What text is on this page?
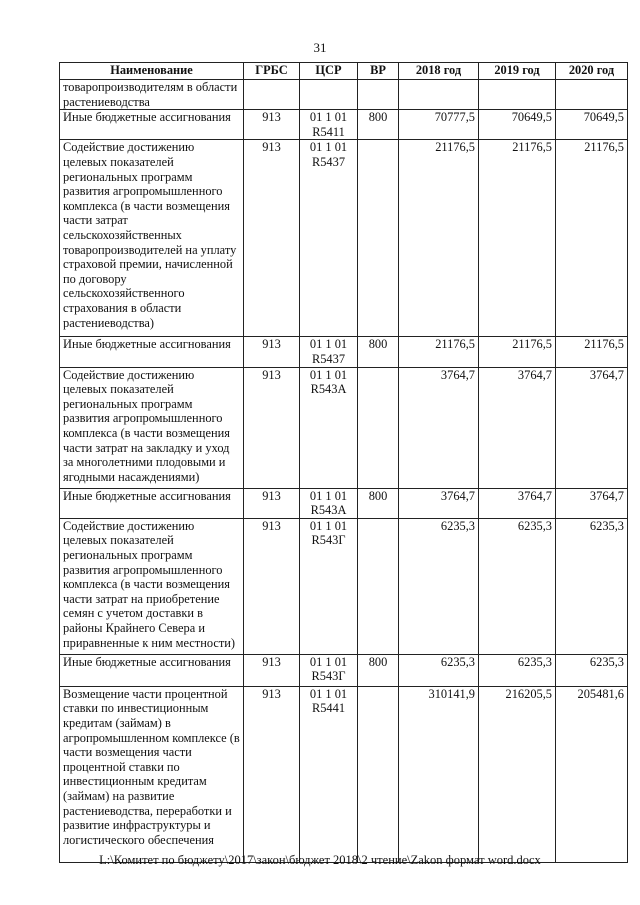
31
Наименование	ГРБС	ЦСР	ВР	2018 год	2019 год	2020 год
товаропроизводителям в области растениеводства						
Иные бюджетные ассигнования	913	01 1 01 R5411	800	70777,5	70649,5	70649,5
Содействие достижению целевых показателей региональных программ развития агропромышленного комплекса (в части возмещения части затрат сельскохозяйственных товаропроизводителей на уплату страховой премии, начисленной по договору сельскохозяйственного страхования в области растениеводства)	913	01 1 01 R5437		21176,5	21176,5	21176,5
Иные бюджетные ассигнования	913	01 1 01 R5437	800	21176,5	21176,5	21176,5
Содействие достижению целевых показателей региональных программ развития агропромышленного комплекса (в части возмещения части затрат на закладку и уход за многолетними плодовыми и ягодными насаждениями)	913	01 1 01 R543A		3764,7	3764,7	3764,7
Иные бюджетные ассигнования	913	01 1 01 R543A	800	3764,7	3764,7	3764,7
Содействие достижению целевых показателей региональных программ развития агропромышленного комплекса (в части возмещения части затрат на приобретение семян с учетом доставки в районы Крайнего Севера и приравненные к ним местности)	913	01 1 01 R543Г		6235,3	6235,3	6235,3
Иные бюджетные ассигнования	913	01 1 01 R543Г	800	6235,3	6235,3	6235,3
Возмещение части процентной ставки по инвестиционным кредитам (займам) в агропромышленном комплексе (в части возмещения части процентной ставки по инвестиционным кредитам (займам) на развитие растениеводства, переработки и развитие инфраструктуры и логистического обеспечения	913	01 1 01 R5441		310141,9	216205,5	205481,6
L:\Комитет по бюджету\2017\закон\бюджет 2018\2 чтение\Zakon формат word.docx
